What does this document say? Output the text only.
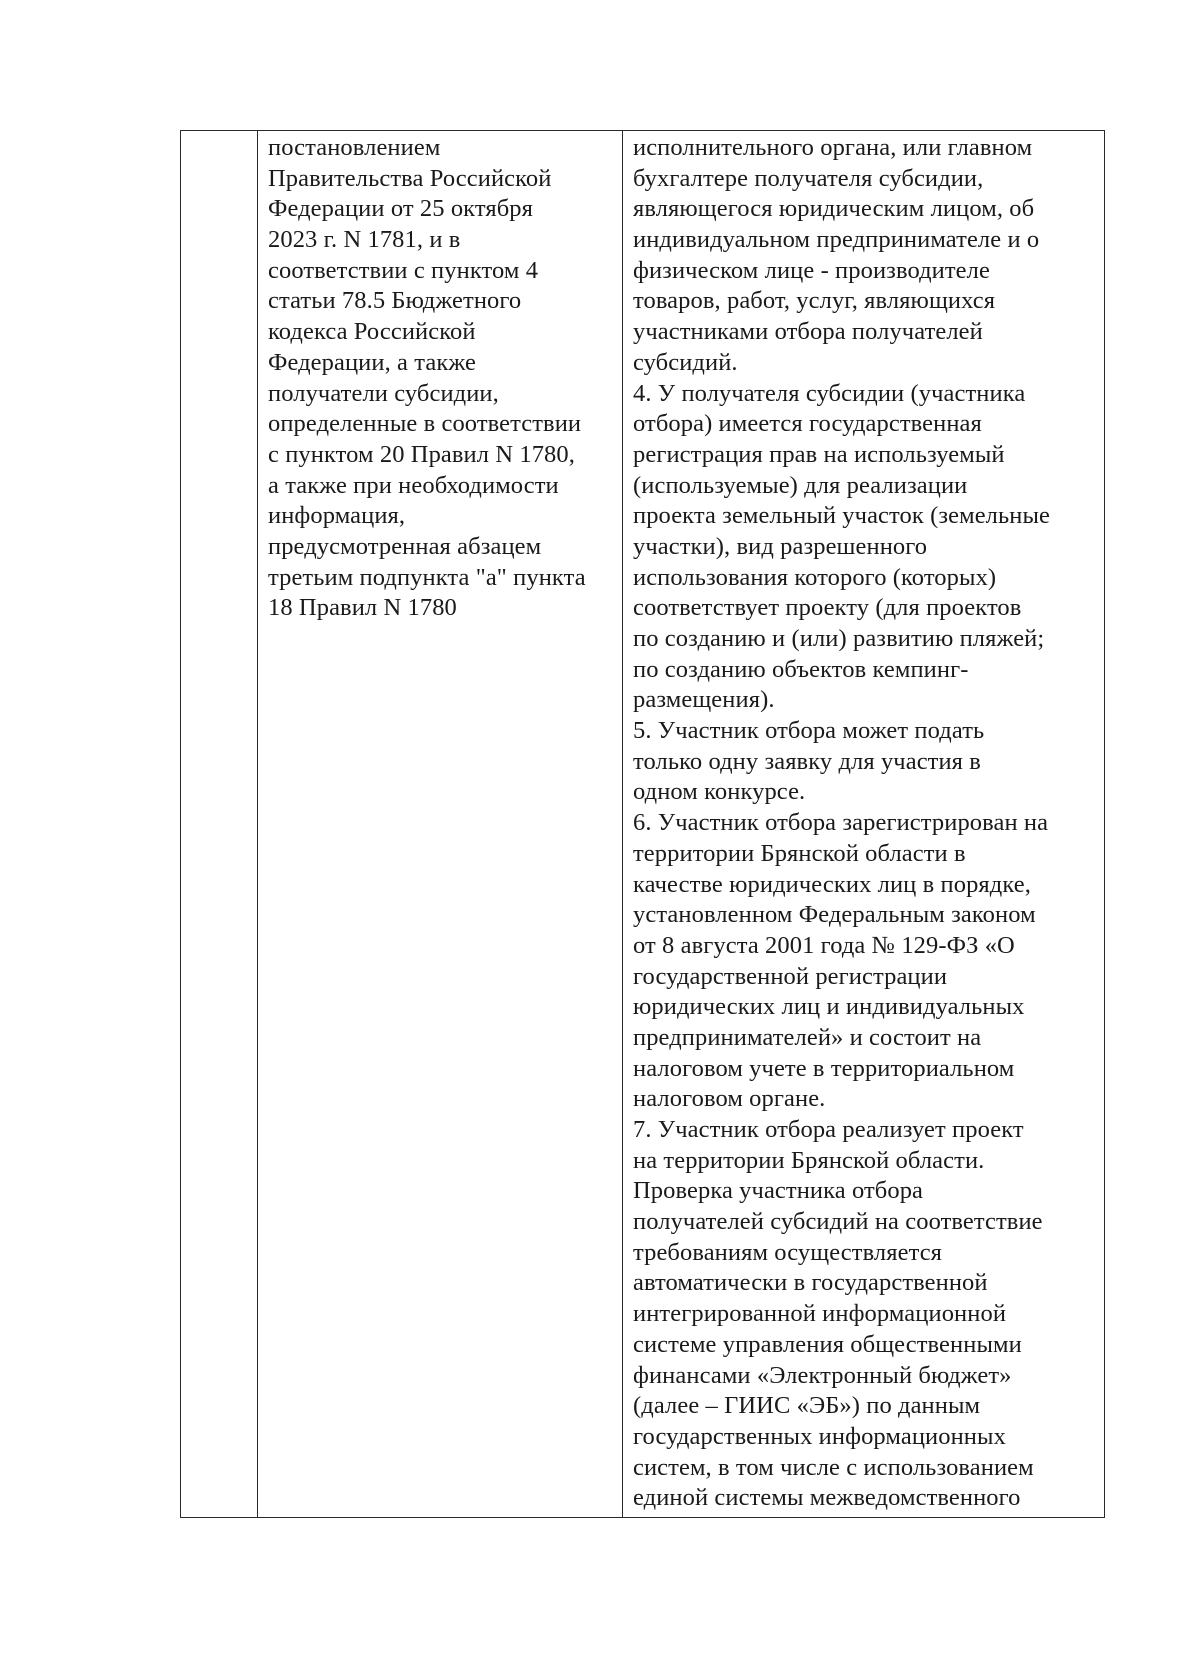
постановлением
Правительства Российской
Федерации от 25 октября
2023 г. N 1781, и в
соответствии с пунктом 4
статьи 78.5 Бюджетного
кодекса Российской
Федерации, а также
получатели субсидии,
определенные в соответствии
с пунктом 20 Правил N 1780,
а также при необходимости
информация,
предусмотренная абзацем
третьим подпункта "а" пункта
18 Правил N 1780
исполнительного органа, или главном
бухгалтере получателя субсидии,
являющегося юридическим лицом, об
индивидуальном предпринимателе и о
физическом лице - производителе
товаров, работ, услуг, являющихся
участниками отбора получателей
субсидий.
4. У получателя субсидии (участника
отбора) имеется государственная
регистрация прав на используемый
(используемые) для реализации
проекта земельный участок (земельные
участки), вид разрешенного
использования которого (которых)
соответствует проекту (для проектов
по созданию и (или) развитию пляжей;
по созданию объектов кемпинг-
размещения).
5. Участник отбора может подать
только одну заявку для участия в
одном конкурсе.
6. Участник отбора зарегистрирован на
территории Брянской области в
качестве юридических лиц в порядке,
установленном Федеральным законом
от 8 августа 2001 года № 129-ФЗ «О
государственной регистрации
юридических лиц и индивидуальных
предпринимателей» и состоит на
налоговом учете в территориальном
налоговом органе.
7. Участник отбора реализует проект
на территории Брянской области.
Проверка участника отбора
получателей субсидий на соответствие
требованиям осуществляется
автоматически в государственной
интегрированной информационной
системе управления общественными
финансами «Электронный бюджет»
(далее – ГИИС «ЭБ») по данным
государственных информационных
систем, в том числе с использованием
единой системы межведомственного
